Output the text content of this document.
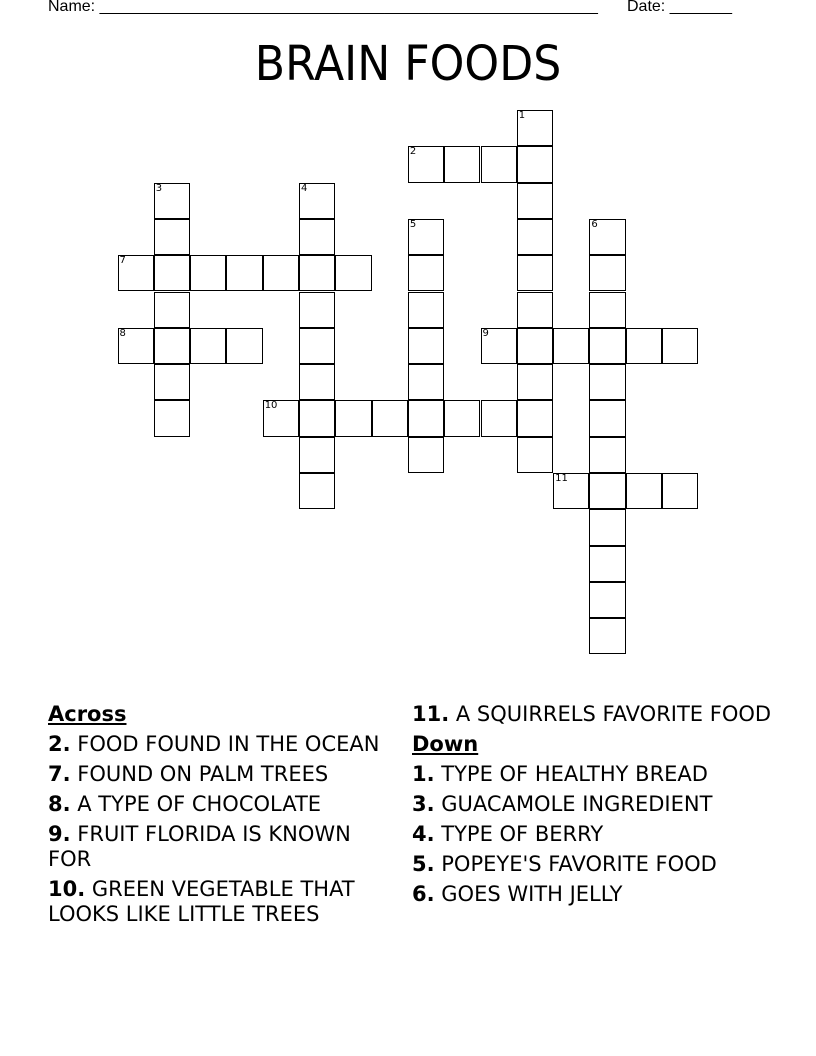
Name: ________________________________________________________ Date: _______
BRAIN FOODS
1
2
3	4
5	6
7
8	9
10
11
Across
2. FOOD FOUND IN THE OCEAN
7. FOUND ON PALM TREES
8. A TYPE OF CHOCOLATE
9. FRUIT FLORIDA IS KNOWN FOR
10. GREEN VEGETABLE THAT LOOKS LIKE LITTLE TREES
11. A SQUIRRELS FAVORITE FOOD
Down
1. TYPE OF HEALTHY BREAD
3. GUACAMOLE INGREDIENT
4. TYPE OF BERRY
5. POPEYE'S FAVORITE FOOD
6. GOES WITH JELLY
